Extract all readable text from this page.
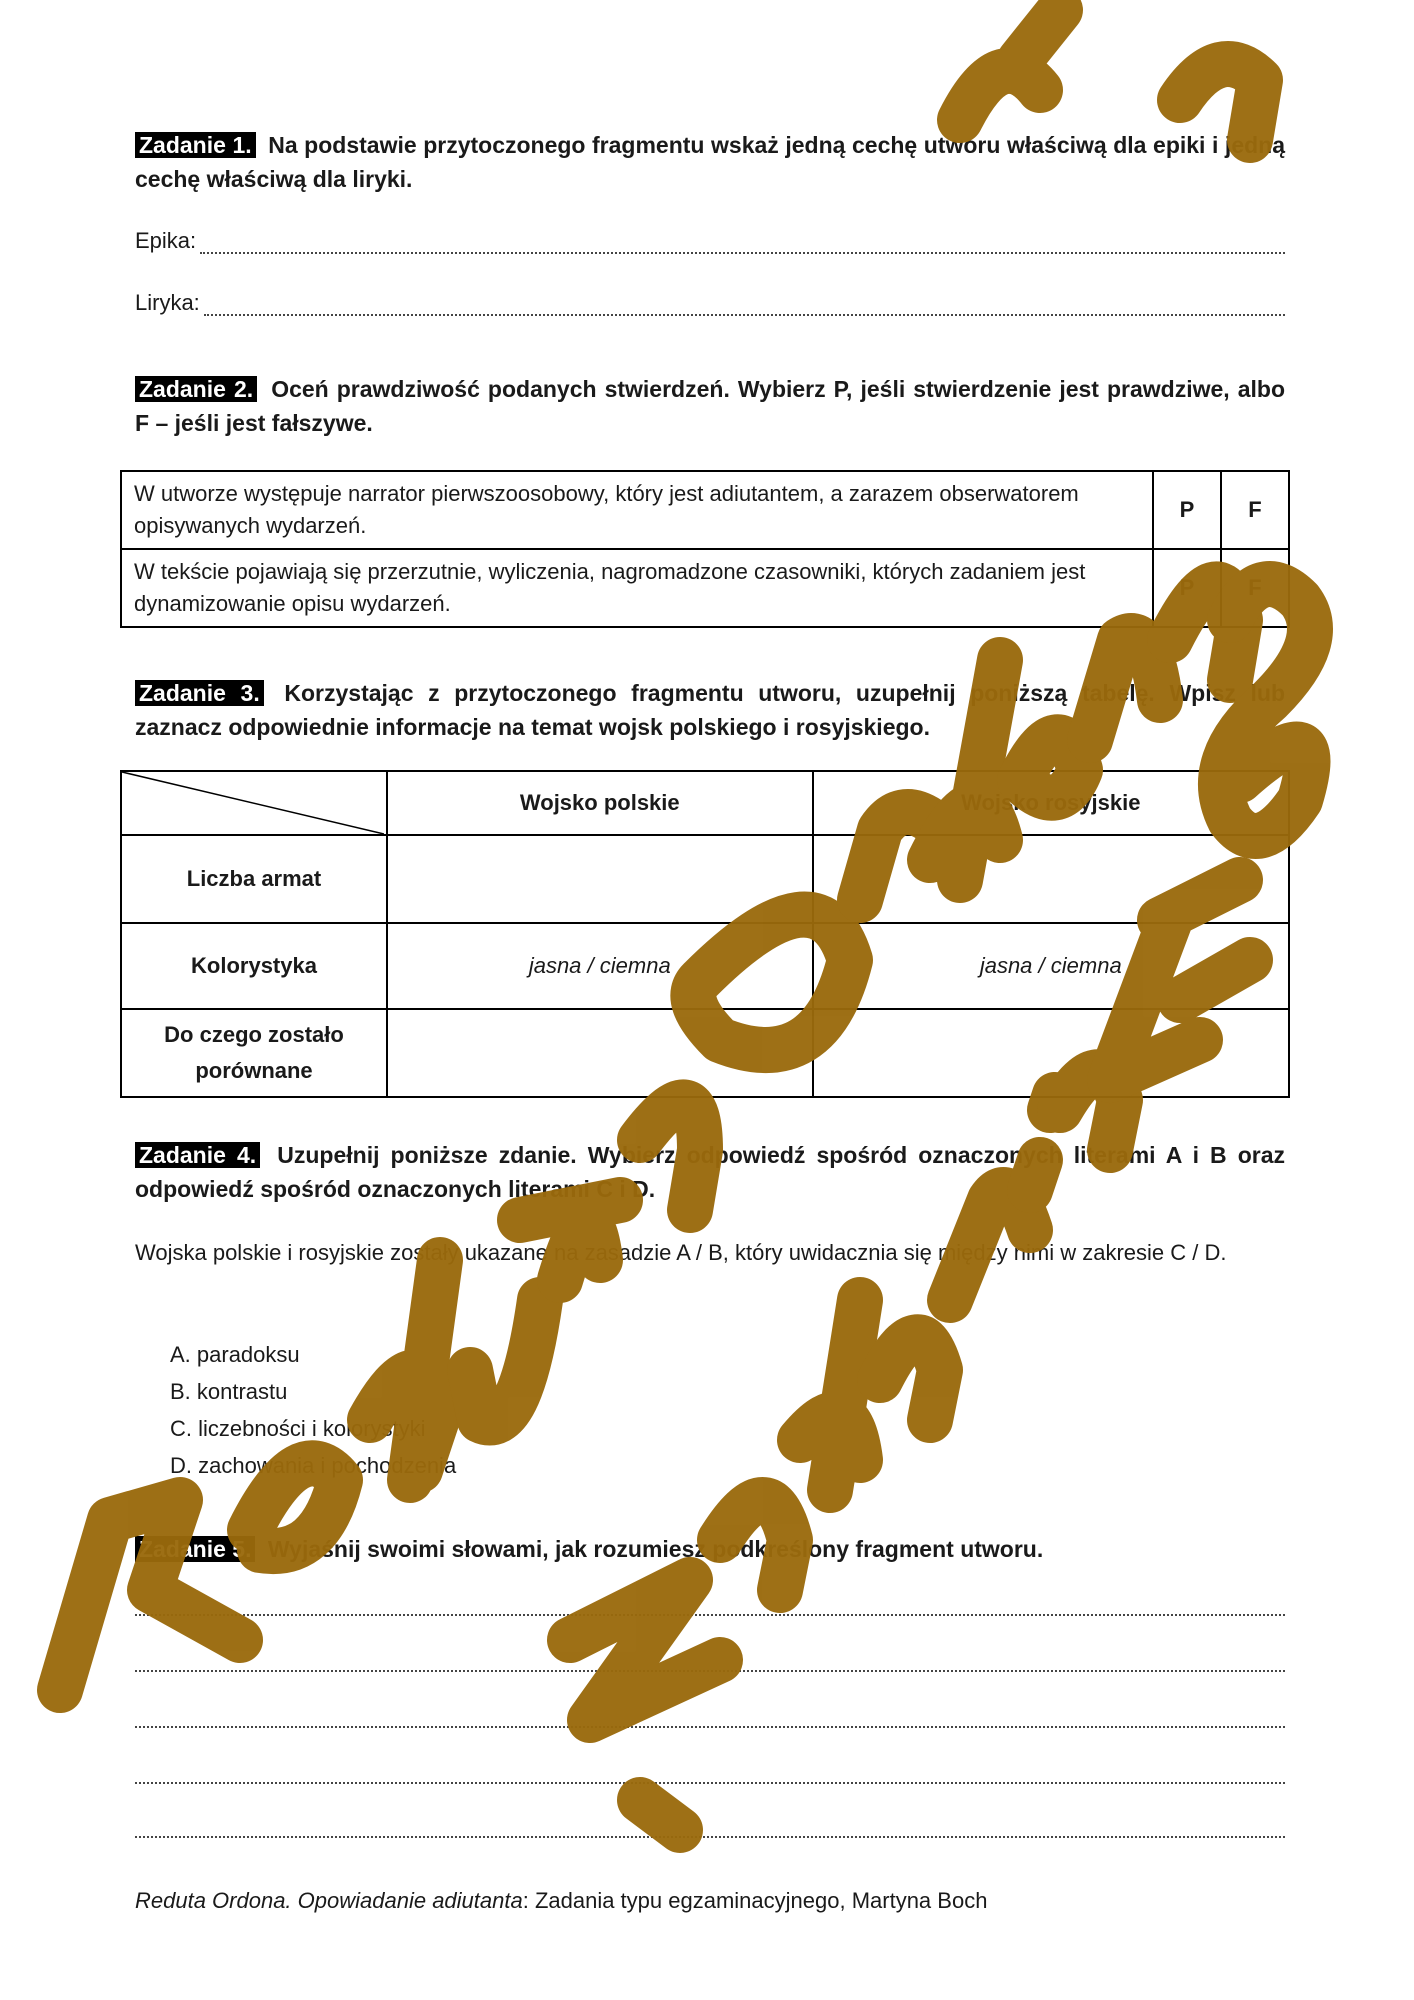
Zadanie 1. Na podstawie przytoczonego fragmentu wskaż jedną cechę utworu właściwą dla epiki i jedną cechę właściwą dla liryki.
Epika:
Liryka:
Zadanie 2. Oceń prawdziwość podanych stwierdzeń. Wybierz P, jeśli stwierdzenie jest prawdziwe, albo F – jeśli jest fałszywe.
W utworze występuje narrator pierwszoosobowy, który jest adiutantem, a zarazem obserwatorem opisywanych wydarzeń.	P	F
W tekście pojawiają się przerzutnie, wyliczenia, nagromadzone czasowniki, których zadaniem jest dynamizowanie opisu wydarzeń.	P	F
Zadanie 3. Korzystając z przytoczonego fragmentu utworu, uzupełnij poniższą tabelę. Wpisz lub zaznacz odpowiednie informacje na temat wojsk polskiego i rosyjskiego.
	Wojsko polskie	Wojsko rosyjskie
Liczba armat		
Kolorystyka	jasna / ciemna	jasna / ciemna
Do czego zostało porównane		
Zadanie 4. Uzupełnij poniższe zdanie. Wybierz odpowiedź spośród oznaczonych literami A i B oraz odpowiedź spośród oznaczonych literami C i D.
Wojska polskie i rosyjskie zostały ukazane na zasadzie A / B, który uwidacznia się między nimi w zakresie C / D.
A. paradoksu
B. kontrastu
C. liczebności i kolorystyki
D. zachowania i pochodzenia
Zadanie 5. Wyjaśnij swoimi słowami, jak rozumiesz podkreślony fragment utworu.
Reduta Ordona. Opowiadanie adiutanta: Zadania typu egzaminacyjnego, Martyna Boch
